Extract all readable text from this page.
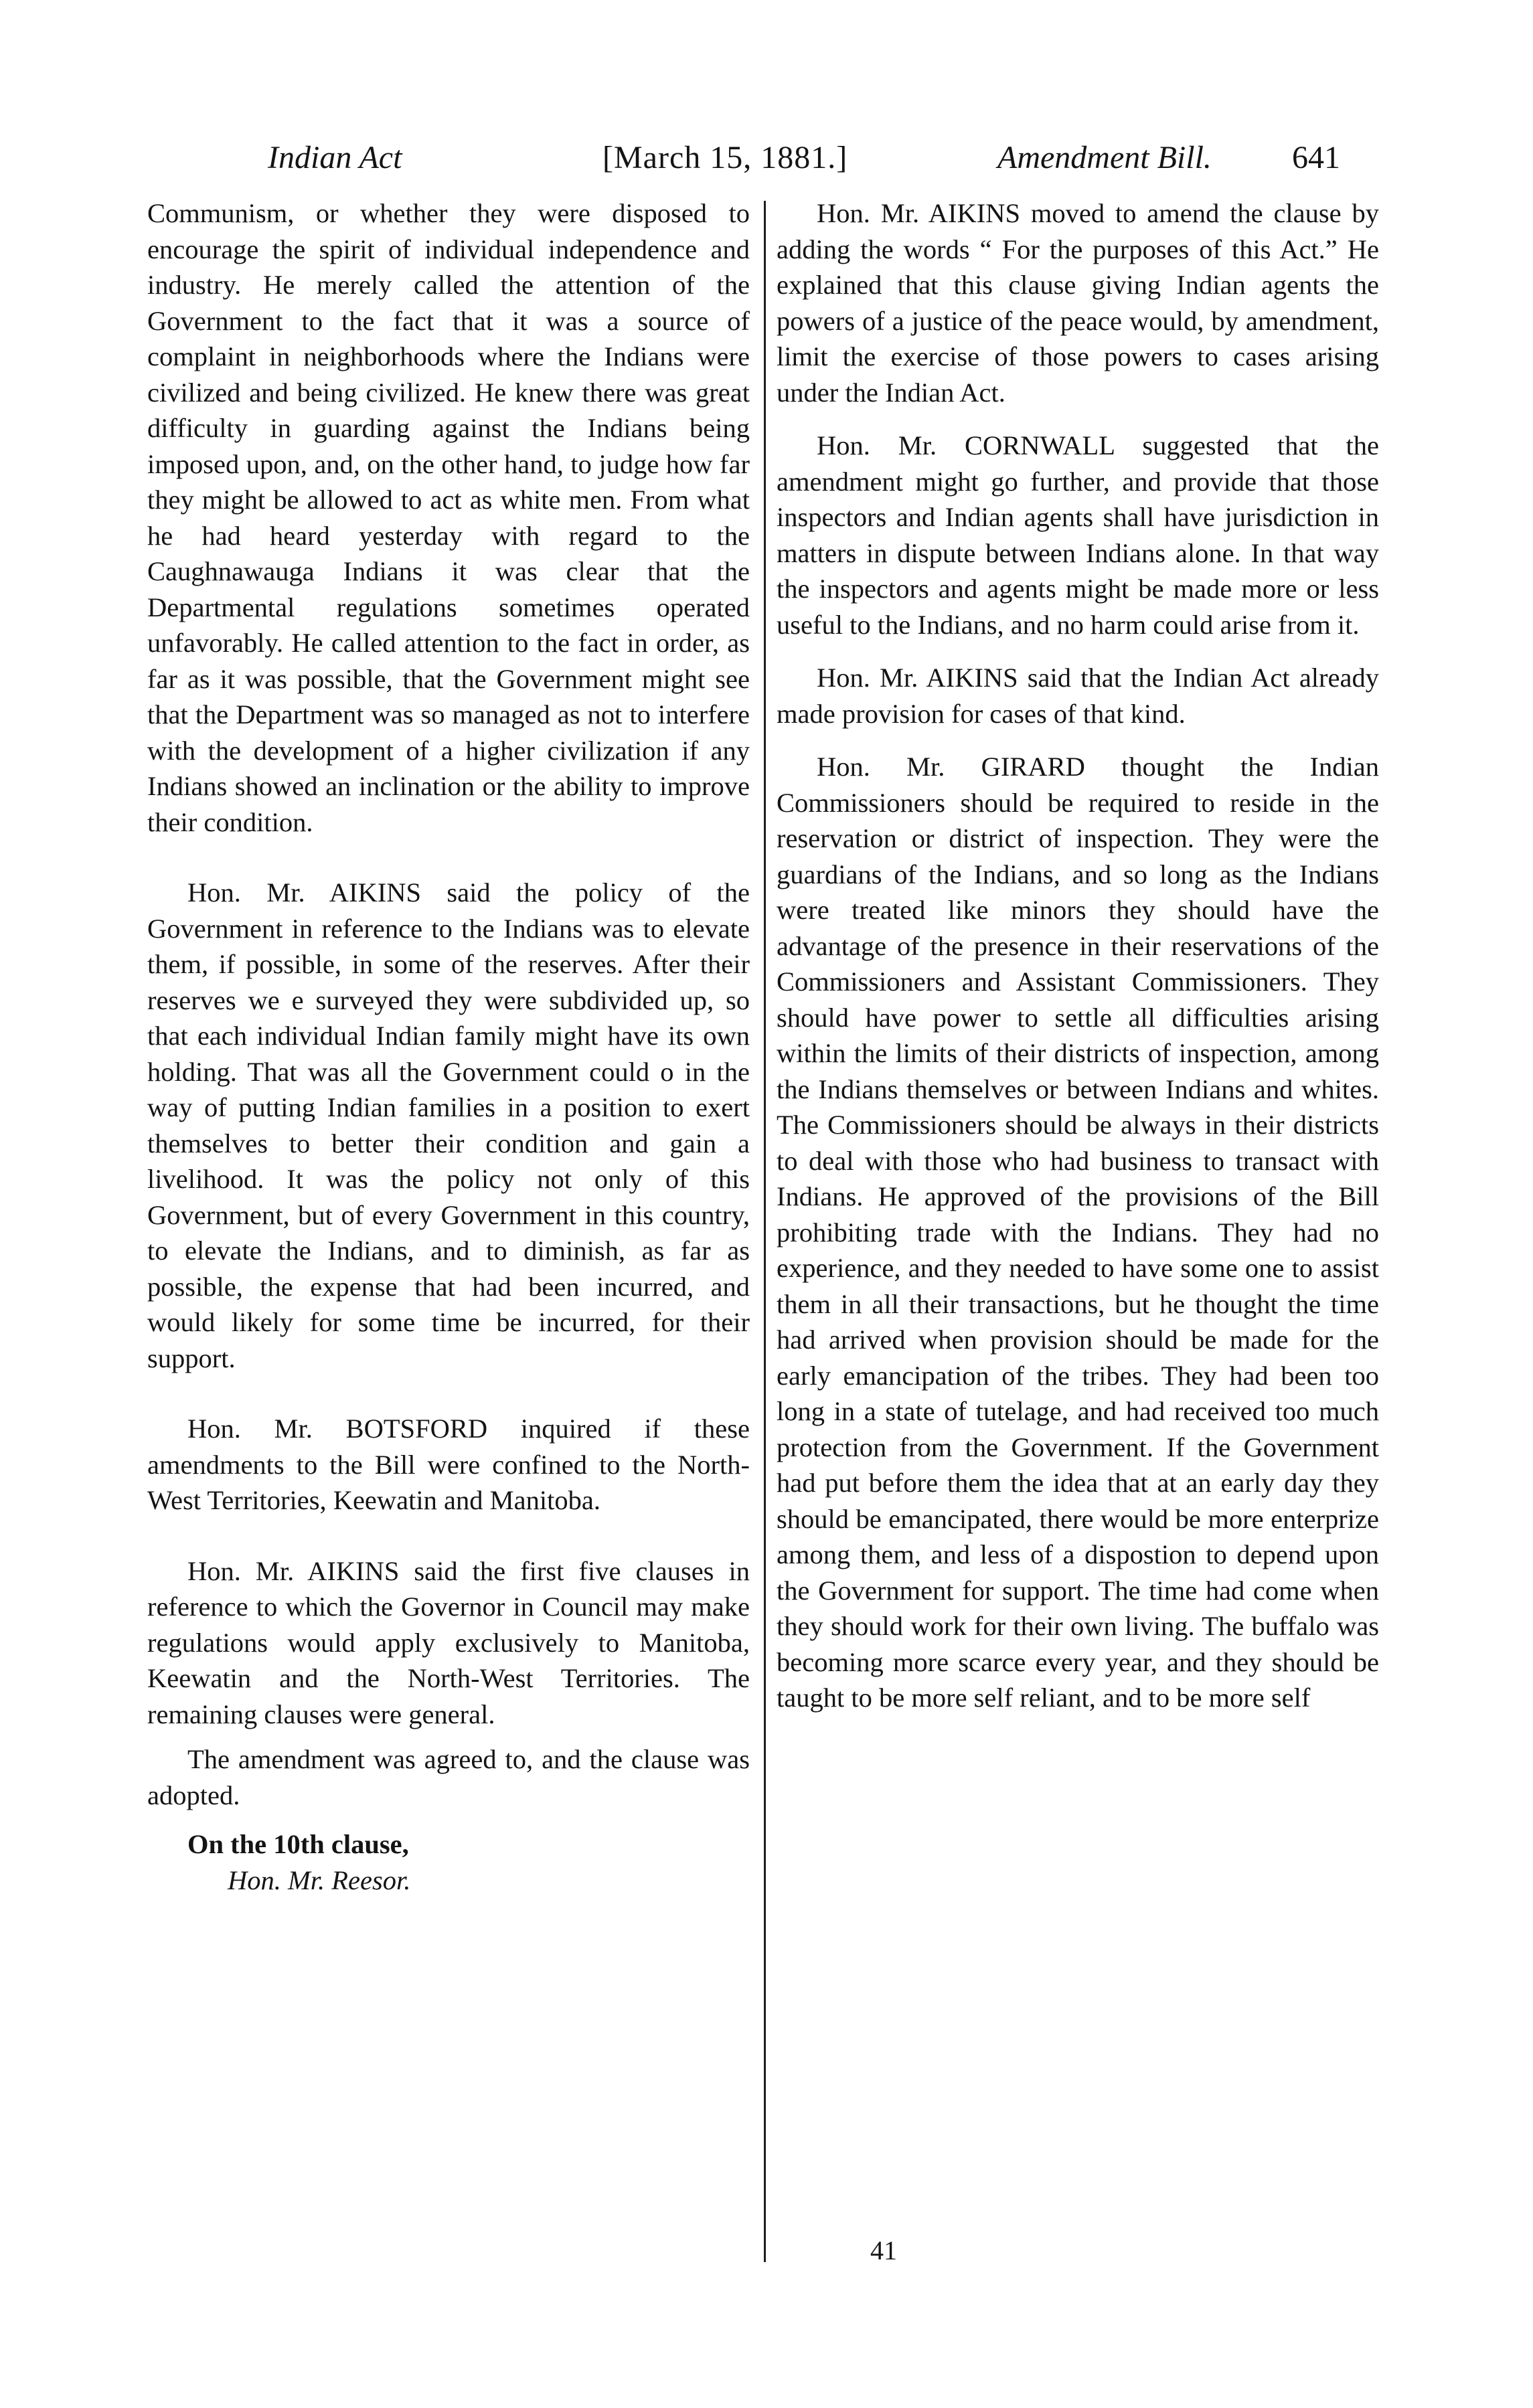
Indian Act	[March 15, 1881.]	Amendment Bill.	641

Communism, or whether they were disposed to encourage the spirit of individual independence and industry. He merely called the attention of the Government to the fact that it was a source of complaint in neighborhoods where the Indians were civilized and being civilized. He knew there was great difficulty in guarding against the Indians being imposed upon, and, on the other hand, to judge how far they might be allowed to act as white men. From what he had heard yesterday with regard to the Caughnawauga Indians it was clear that the Departmental regulations sometimes operated unfavorably. He called attention to the fact in order, as far as it was possible, that the Government might see that the Department was so managed as not to interfere with the development of a higher civilization if any Indians showed an inclination or the ability to improve their condition.

Hon. Mr. AIKINS said the policy of the Government in reference to the Indians was to elevate them, if possible, in some of the reserves. After their reserves we e surveyed they were subdivided up, so that each individual Indian family might have its own holding. That was all the Government could o in the way of putting Indian families in a position to exert themselves to better their condition and gain a livelihood. It was the policy not only of this Government, but of every Government in this country, to elevate the Indians, and to diminish, as far as possible, the expense that had been incurred, and would likely for some time be incurred, for their support.

Hon. Mr. BOTSFORD inquired if these amendments to the Bill were confined to the North-West Territories, Keewatin and Manitoba.

Hon. Mr. AIKINS said the first five clauses in reference to which the Governor in Council may make regulations would apply exclusively to Manitoba, Keewatin and the North-West Territories. The remaining clauses were general.

The amendment was agreed to, and the clause was adopted.

On the 10th clause,

Hon. Mr. Reesor.

Hon. Mr. AIKINS moved to amend the clause by adding the words “ For the purposes of this Act.” He explained that this clause giving Indian agents the powers of a justice of the peace would, by amendment, limit the exercise of those powers to cases arising under the Indian Act.

Hon. Mr. CORNWALL suggested that the amendment might go further, and provide that those inspectors and Indian agents shall have jurisdiction in matters in dispute between Indians alone. In that way the inspectors and agents might be made more or less useful to the Indians, and no harm could arise from it.

Hon. Mr. AIKINS said that the Indian Act already made provision for cases of that kind.

Hon. Mr. GIRARD thought the Indian Commissioners should be required to reside in the reservation or district of inspection. They were the guardians of the Indians, and so long as the Indians were treated like minors they should have the advantage of the presence in their reservations of the Commissioners and Assistant Commissioners. They should have power to settle all difficulties arising within the limits of their districts of inspection, among the Indians themselves or between Indians and whites. The Commissioners should be always in their districts to deal with those who had business to transact with Indians. He approved of the provisions of the Bill prohibiting trade with the Indians. They had no experience, and they needed to have some one to assist them in all their transactions, but he thought the time had arrived when provision should be made for the early emancipation of the tribes. They had been too long in a state of tutelage, and had received too much protection from the Government. If the Government had put before them the idea that at an early day they should be emancipated, there would be more enterprize among them, and less of a dispostion to depend upon the Government for support. The time had come when they should work for their own living. The buffalo was becoming more scarce every year, and they should be taught to be more self reliant, and to be more self

41
